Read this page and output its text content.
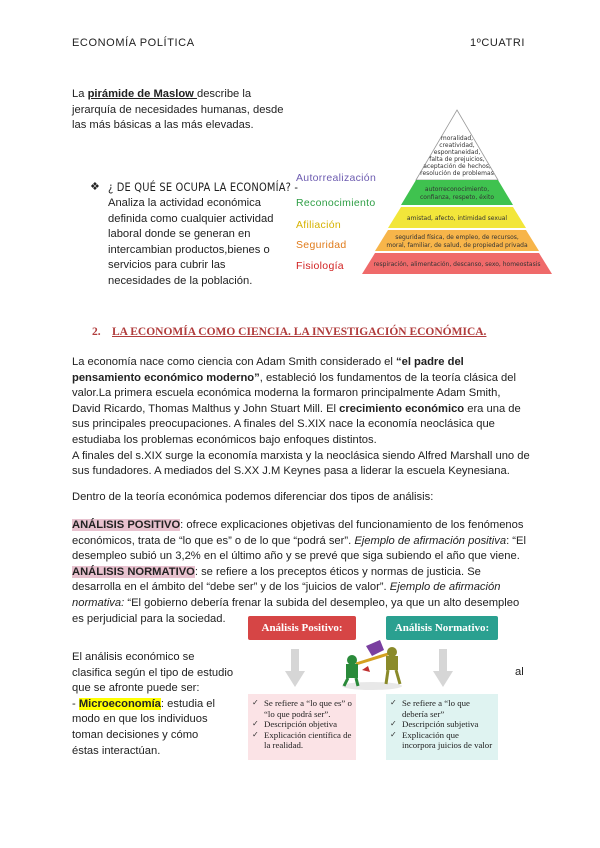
ECONOMÍA POLÍTICA	1ºCUATRI
La pirámide de Maslow describe la
jerarquía de necesidades humanas, desde
las más básicas a las más elevadas.
❖ ¿ DE QUÉ SE OCUPA LA ECONOMÍA? -
Analiza la actividad económica
definida como cualquier actividad
laboral donde se generan en
intercambian productos,bienes o
servicios para cubrir las
necesidades de la población.
Autorrealización
Reconocimiento
Afiliación
Seguridad
Fisiología
moralidad,
creatividad,
espontaneidad,
falta de prejuicios,
aceptación de hechos,
resolución de problemas
autorreconocimiento,
confianza, respeto, éxito
amistad, afecto, intimidad sexual
seguridad física, de empleo, de recursos,
moral, familiar, de salud, de propiedad privada
respiración, alimentación, descanso, sexo, homeostasis
2. LA ECONOMÍA COMO CIENCIA. LA INVESTIGACIÓN ECONÓMICA.
La economía nace como ciencia con Adam Smith considerado el “el padre del
pensamiento económico moderno”, estableció los fundamentos de la teoría clásica del
valor.La primera escuela económica moderna la formaron principalmente Adam Smith,
David Ricardo, Thomas Malthus y John Stuart Mill. El crecimiento económico era una de
sus principales preocupaciones. A finales del S.XIX nace la economía neoclásica que
estudiaba los problemas económicos bajo enfoques distintos.
A finales del s.XIX surge la economía marxista y la neoclásica siendo Alfred Marshall uno de
sus fundadores. A mediados del S.XX J.M Keynes pasa a liderar la escuela Keynesiana.
Dentro de la teoría económica podemos diferenciar dos tipos de análisis:
ANÁLISIS POSITIVO: ofrece explicaciones objetivas del funcionamiento de los fenómenos
económicos, trata de “lo que es” o de lo que “podrá ser”. Ejemplo de afirmación positiva: “El
desempleo subió un 3,2% en el último año y se prevé que siga subiendo el año que viene.
ANÁLISIS NORMATIVO: se refiere a los preceptos éticos y normas de justicia. Se
desarrolla en el ámbito del “debe ser” y de los “juicios de valor”. Ejemplo de afirmación
normativa: “El gobierno debería frenar la subida del desempleo, ya que un alto desempleo
es perjudicial para la sociedad.
El análisis económico se
clasifica según el tipo de estudio
que se afronte puede ser:
- Microeconomía: estudia el
modo en que los individuos
toman decisiones y cómo
éstas interactúan.
al
Análisis Positivo:	Análisis Normativo:
✓ Se refiere a “lo que es” o “lo que podrá ser”.
✓ Descripción objetiva
✓ Explicación científica de la realidad.
✓ Se refiere a “lo que debería ser”
✓ Descripción subjetiva
✓ Explicación que incorpora juicios de valor
